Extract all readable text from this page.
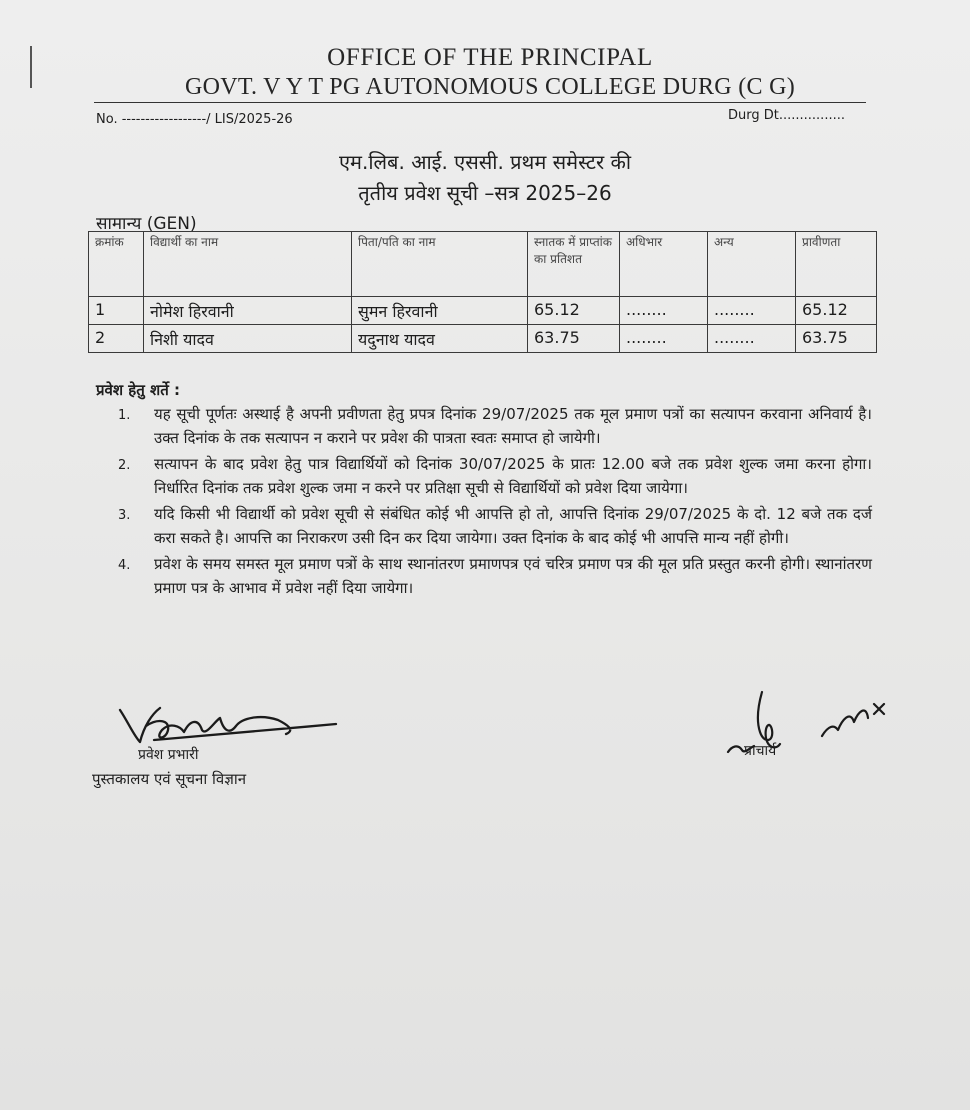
OFFICE OF THE PRINCIPAL
GOVT. V Y T PG AUTONOMOUS COLLEGE DURG (C G)
No. ------------------/ LIS/2025-26	Durg Dt................
एम.लिब. आई. एससी. प्रथम समेस्टर की
तृतीय प्रवेश सूची –सत्र 2025–26
सामान्य (GEN)
क्रमांक	विद्यार्थी का नाम	पिता/पति का नाम	स्नातक में प्राप्तांक का प्रतिशत	अधिभार	अन्य	प्रावीणता
1	नोमेश हिरवानी	सुमन हिरवानी	65.12	........	........	65.12
2	निशी यादव	यदुनाथ यादव	63.75	........	........	63.75
प्रवेश हेतु शर्ते :
1.	यह सूची पूर्णतः अस्थाई है अपनी प्रवीणता हेतु प्रपत्र दिनांक 29/07/2025 तक मूल प्रमाण पत्रों का सत्यापन करवाना अनिवार्य है। उक्त दिनांक के तक सत्यापन न कराने पर प्रवेश की पात्रता स्वतः समाप्त हो जायेगी।
2.	सत्यापन के बाद प्रवेश हेतु पात्र विद्यार्थियों को दिनांक 30/07/2025 के प्रातः 12.00 बजे तक प्रवेश शुल्क जमा करना होगा। निर्धारित दिनांक तक प्रवेश शुल्क जमा न करने पर प्रतिक्षा सूची से विद्यार्थियों को प्रवेश दिया जायेगा।
3.	यदि किसी भी विद्यार्थी को प्रवेश सूची से संबंधित कोई भी आपत्ति हो तो, आपत्ति दिनांक 29/07/2025 के दो. 12 बजे तक दर्ज करा सकते है। आपत्ति का निराकरण उसी दिन कर दिया जायेगा। उक्त दिनांक के बाद कोई भी आपत्ति मान्य नहीं होगी।
4.	प्रवेश के समय समस्त मूल प्रमाण पत्रों के साथ स्थानांतरण प्रमाणपत्र एवं चरित्र प्रमाण पत्र की मूल प्रति प्रस्तुत करनी होगी। स्थानांतरण प्रमाण पत्र के आभाव में प्रवेश नहीं दिया जायेगा।
प्रवेश प्रभारी
पुस्तकालय एवं सूचना विज्ञान
प्राचार्य
